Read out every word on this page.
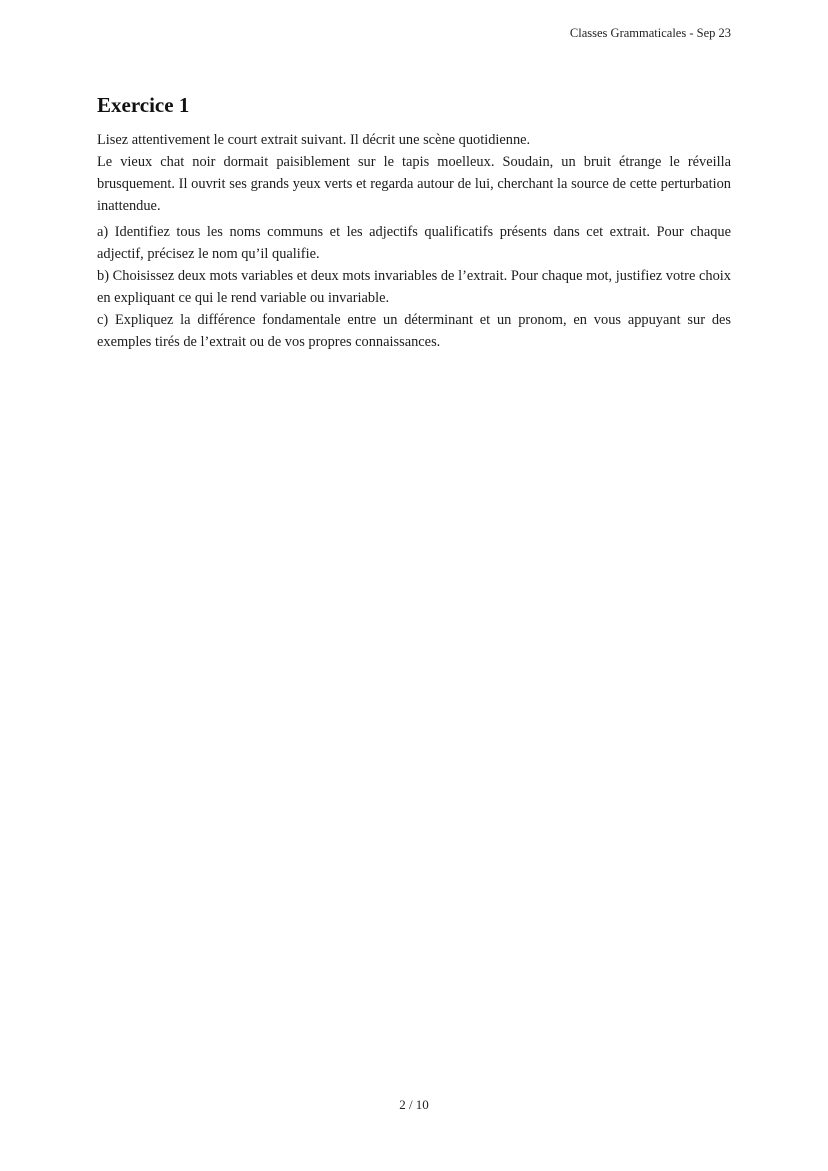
Classes Grammaticales - Sep 23
Exercice 1

Lisez attentivement le court extrait suivant. Il décrit une scène quotidienne.

Le vieux chat noir dormait paisiblement sur le tapis moelleux. Soudain, un bruit étrange le réveilla brusquement. Il ouvrit ses grands yeux verts et regarda autour de lui, cherchant la source de cette perturbation inattendue.

a) Identifiez tous les noms communs et les adjectifs qualificatifs présents dans cet extrait. Pour chaque adjectif, précisez le nom qu’il qualifie.

b) Choisissez deux mots variables et deux mots invariables de l’extrait. Pour chaque mot, justifiez votre choix en expliquant ce qui le rend variable ou invariable.

c) Expliquez la différence fondamentale entre un déterminant et un pronom, en vous appuyant sur des exemples tirés de l’extrait ou de vos propres connaissances.

2 / 10
